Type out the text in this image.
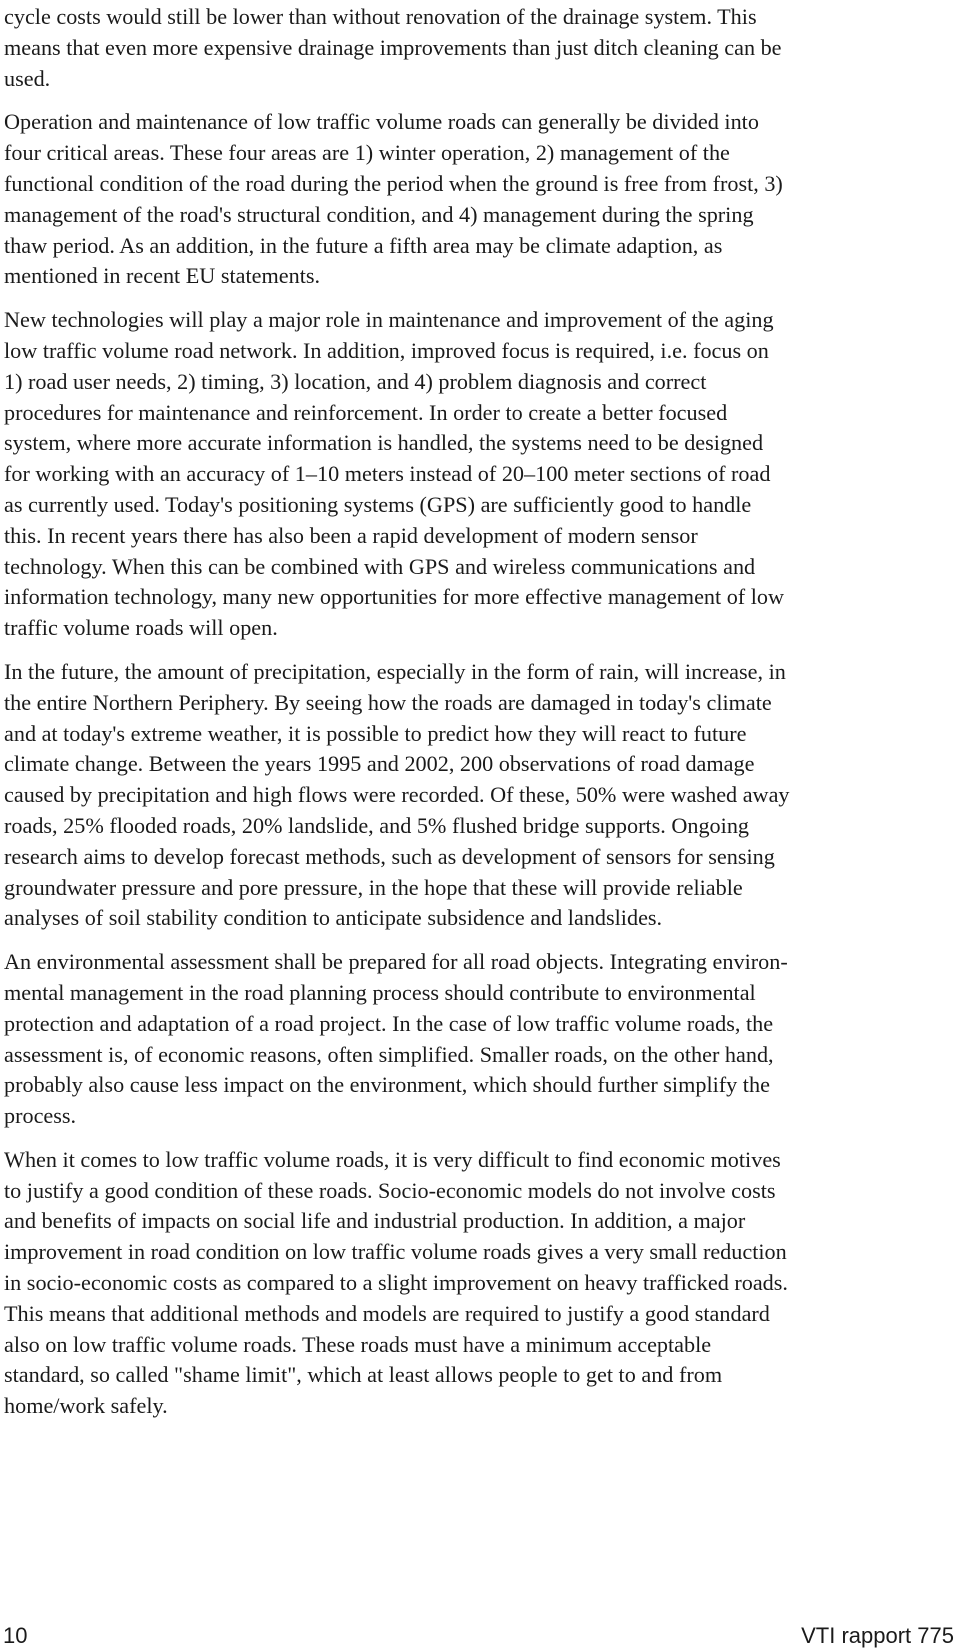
cycle costs would still be lower than without renovation of the drainage system. This
means that even more expensive drainage improvements than just ditch cleaning can be
used.

Operation and maintenance of low traffic volume roads can generally be divided into
four critical areas. These four areas are 1) winter operation, 2) management of the
functional condition of the road during the period when the ground is free from frost, 3)
management of the road's structural condition, and 4) management during the spring
thaw period. As an addition, in the future a fifth area may be climate adaption, as
mentioned in recent EU statements.

New technologies will play a major role in maintenance and improvement of the aging
low traffic volume road network. In addition, improved focus is required, i.e. focus on
1) road user needs, 2) timing, 3) location, and 4) problem diagnosis and correct
procedures for maintenance and reinforcement. In order to create a better focused
system, where more accurate information is handled, the systems need to be designed
for working with an accuracy of 1–10 meters instead of 20–100 meter sections of road
as currently used. Today's positioning systems (GPS) are sufficiently good to handle
this. In recent years there has also been a rapid development of modern sensor
technology. When this can be combined with GPS and wireless communications and
information technology, many new opportunities for more effective management of low
traffic volume roads will open.

In the future, the amount of precipitation, especially in the form of rain, will increase, in
the entire Northern Periphery. By seeing how the roads are damaged in today's climate
and at today's extreme weather, it is possible to predict how they will react to future
climate change. Between the years 1995 and 2002, 200 observations of road damage
caused by precipitation and high flows were recorded. Of these, 50% were washed away
roads, 25% flooded roads, 20% landslide, and 5% flushed bridge supports. Ongoing
research aims to develop forecast methods, such as development of sensors for sensing
groundwater pressure and pore pressure, in the hope that these will provide reliable
analyses of soil stability condition to anticipate subsidence and landslides.

An environmental assessment shall be prepared for all road objects. Integrating environ-
mental management in the road planning process should contribute to environmental
protection and adaptation of a road project. In the case of low traffic volume roads, the
assessment is, of economic reasons, often simplified. Smaller roads, on the other hand,
probably also cause less impact on the environment, which should further simplify the
process.

When it comes to low traffic volume roads, it is very difficult to find economic motives
to justify a good condition of these roads. Socio-economic models do not involve costs
and benefits of impacts on social life and industrial production. In addition, a major
improvement in road condition on low traffic volume roads gives a very small reduction
in socio-economic costs as compared to a slight improvement on heavy trafficked roads.
This means that additional methods and models are required to justify a good standard
also on low traffic volume roads. These roads must have a minimum acceptable
standard, so called "shame limit", which at least allows people to get to and from
home/work safely.

10	VTI rapport 775
